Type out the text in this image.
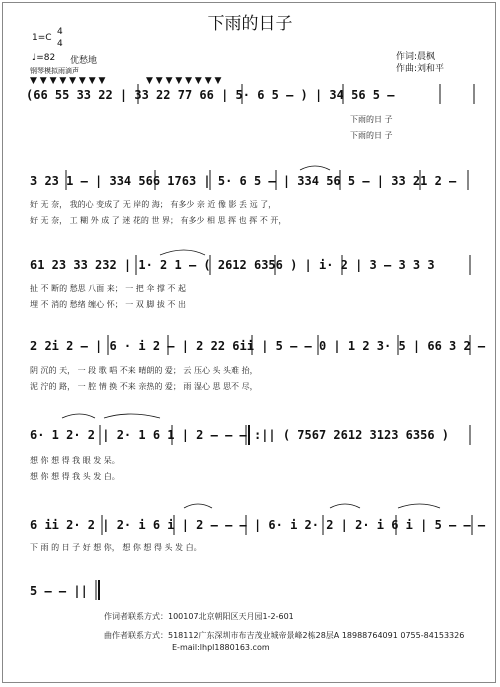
下雨的日子
1=C
4
4
♩=82 优愁地
钢琴模拟雨滴声
作词:晨枫
作曲:刘和平
▼ ▼ ▼ ▼ ▼ ▼ ▼ ▼	▼ ▼ ▼ ▼ ▼ ▼ ▼ ▼
(66 55 33 22 | 33 22 77 66 | 5· 6 5 — ) | 34 56 5 —
下雨的日 子
下雨的日 子
3 23 1 — | 334 566 1763 | 5· 6 5 — | 334 56 5 — | 33 21 2 —
好 无 奈， 我的心 变成了 无 岸的 海； 有多少 亲 近 像 影 丢 远 了，
好 无 奈， 工 糊 外 成 了 迷 花的 世 界； 有多少 相 思 挥 也 挥 不 开，
61 23 33 232 | 1· 2 1 — ( 2612 6356 ) | i· 2 | 3 — 3 3 3
扯 不 断的 愁思 八面 来； 一 把 伞 撑 不 起
埋 不 消的 愁绪 缠心 怀； 一 双 脚 拔 不 出
2 2i 2 — | 6 · i 2 — | 2 22 6ii | 5 — — 0 | 1 2 3· 5 | 66 3 2 —
阴 沉的 天， 一 段 歌 唱 不来 晴朗的 爱； 云 压心 头 头难 抬，
泥 泞的 路， 一 腔 情 换 不来 亲热的 爱； 雨 湿心 思 思不 尽，
6· 1 2· 2 | 2· 1 6 1 | 2 — — — :|| ( 7567 2612 3123 6356 )
想 你 想 得 我 眼 发 呆。
想 你 想 得 我 头 发 白。
6 ii 2· 2 | 2· i 6 i | 2 — — — | 6· i 2· 2 | 2· i 6 i | 5 — — —
下 雨 的 日 子 好 想 你， 想 你 想 得 头 发 白。
5 — — ||
作词者联系方式：100107北京朝阳区天月园1-2-601
曲作者联系方式：518112广东深圳市布吉茂业城帝景峰2栋28层A 18988764091 0755-84153326
E-mail:lhpl1880163.com
